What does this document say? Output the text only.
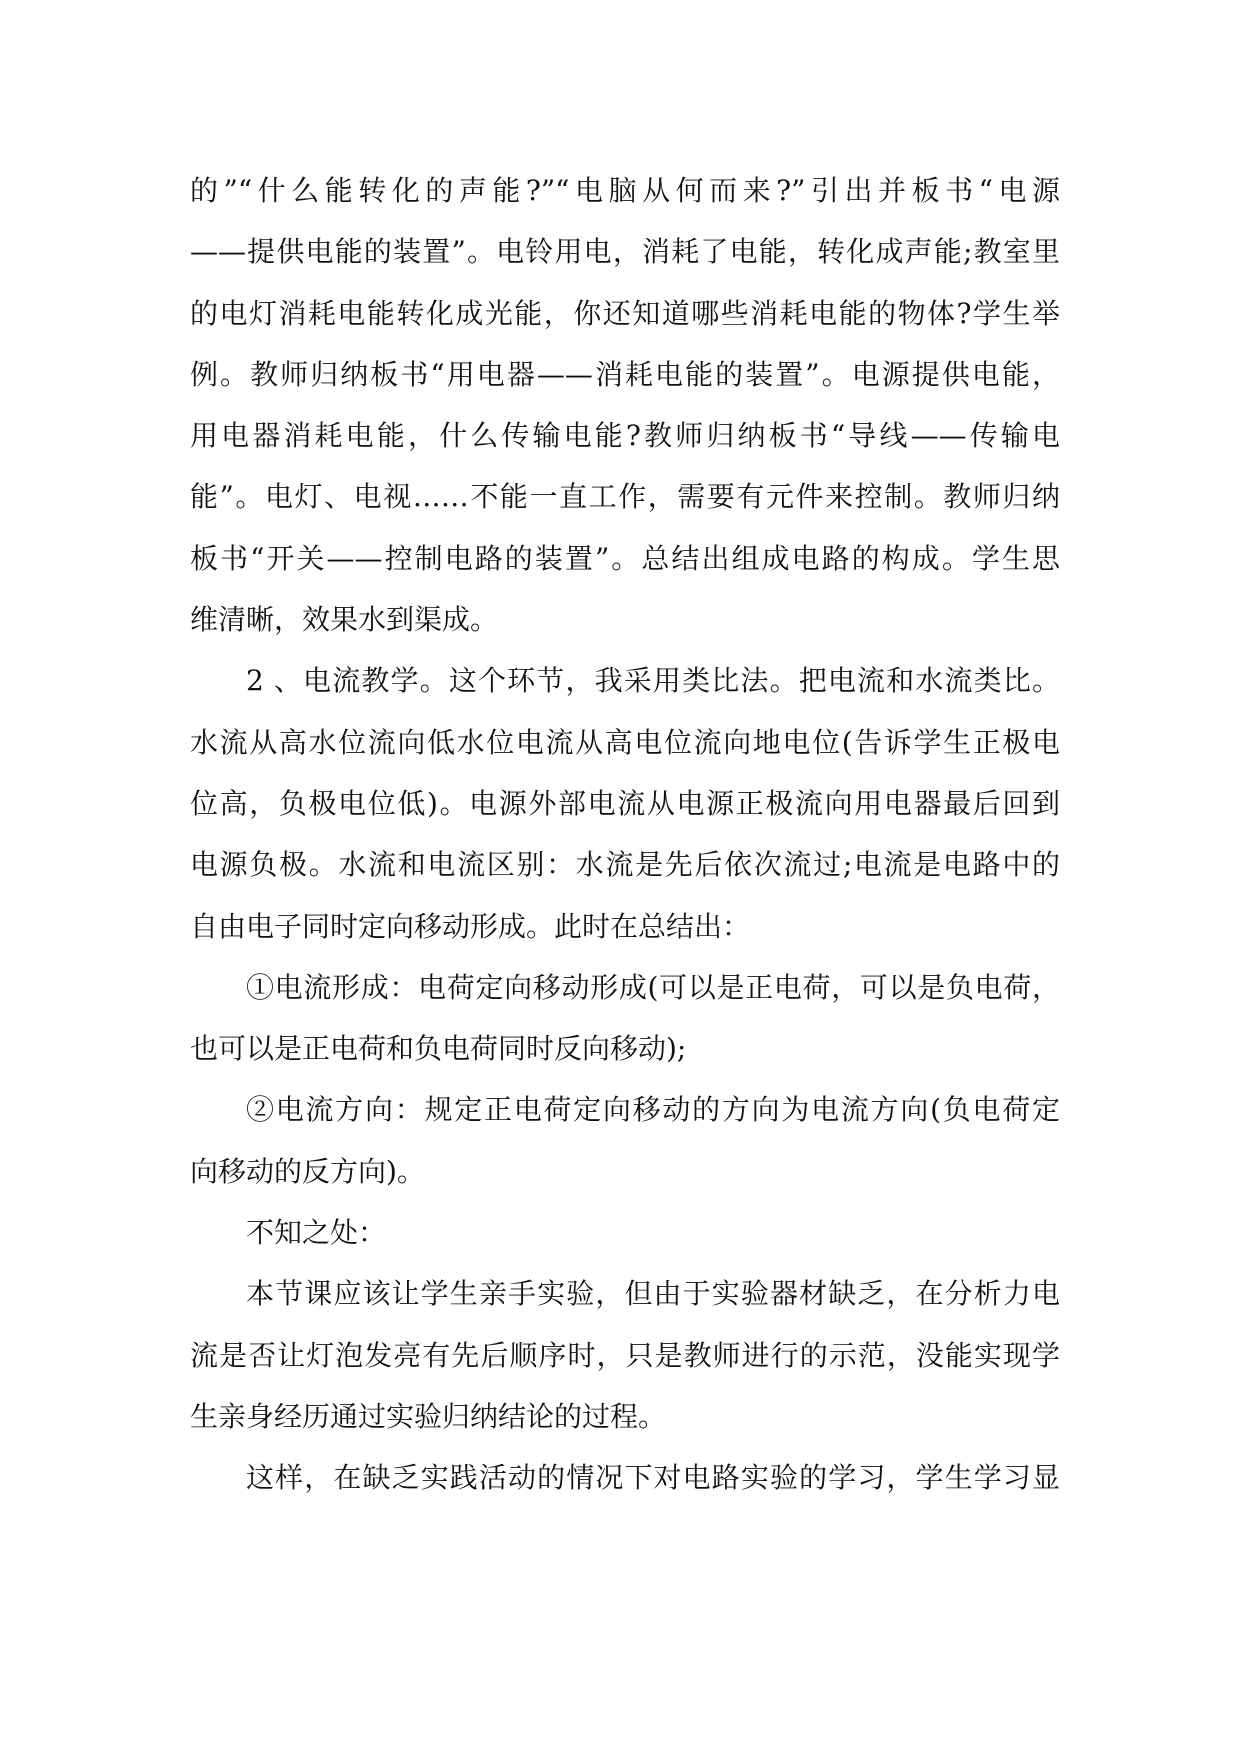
的”“什么能转化的声能?”“电脑从何而来?”引出并板书“电源
——提供电能的装置”。电铃用电，消耗了电能，转化成声能;教室里
的电灯消耗电能转化成光能，你还知道哪些消耗电能的物体?学生举
例。教师归纳板书“用电器——消耗电能的装置”。电源提供电能，
用电器消耗电能，什么传输电能?教师归纳板书“导线——传输电
能”。电灯、电视……不能一直工作，需要有元件来控制。教师归纳
板书“开关——控制电路的装置”。总结出组成电路的构成。学生思
维清晰，效果水到渠成。
2 、电流教学。这个环节，我采用类比法。把电流和水流类比。
水流从高水位流向低水位电流从高电位流向地电位(告诉学生正极电
位高，负极电位低)。电源外部电流从电源正极流向用电器最后回到
电源负极。水流和电流区别：水流是先后依次流过;电流是电路中的
自由电子同时定向移动形成。此时在总结出：
①电流形成：电荷定向移动形成(可以是正电荷，可以是负电荷，
也可以是正电荷和负电荷同时反向移动);
②电流方向：规定正电荷定向移动的方向为电流方向(负电荷定
向移动的反方向)。
不知之处：
本节课应该让学生亲手实验，但由于实验器材缺乏，在分析力电
流是否让灯泡发亮有先后顺序时，只是教师进行的示范，没能实现学
生亲身经历通过实验归纳结论的过程。
这样，在缺乏实践活动的情况下对电路实验的学习，学生学习显
